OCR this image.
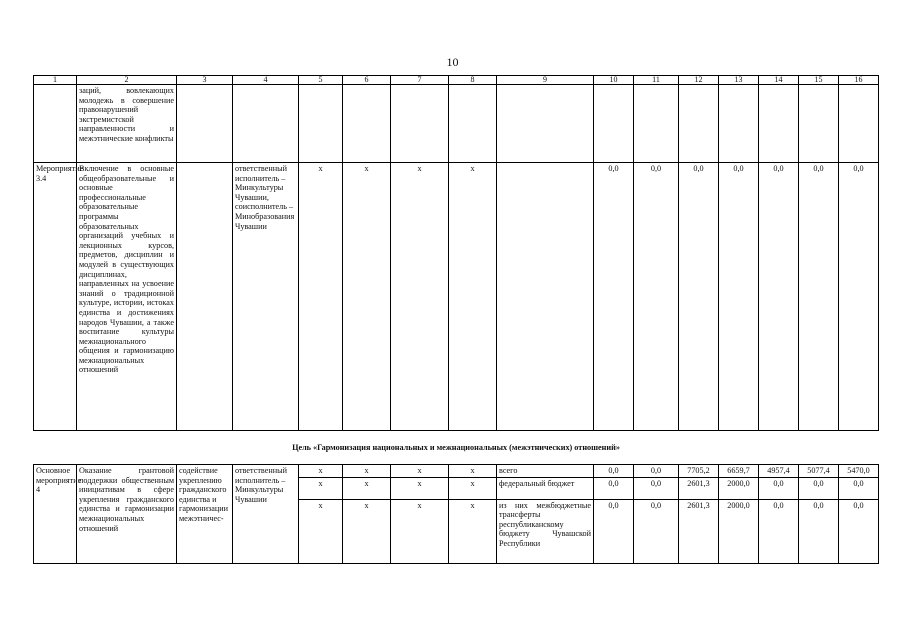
10
1	2	3	4	5	6	7	8	9	10	11	12	13	14	15	16
	заций, вовлекающих молодежь в совершение правонарушений экстремистской направленности и межэтнические конфликты														
Мероприятие 3.4	Включение в основные общеобразовательные и основные профессиональные образовательные программы образовательных организаций учебных и лекционных курсов, предметов, дисциплин и модулей в существующих дисциплинах, направленных на усвоение знаний о традиционной культуре, истории, истоках единства и достижениях народов Чувашии, а также воспитание культуры межнационального общения и гармонизацию межнациональных отношений		ответственный исполнитель – Минкультуры Чувашии, соисполнитель – Минобразования Чувашии	x	x	x	x		0,0	0,0	0,0	0,0	0,0	0,0	0,0
Цель «Гармонизация национальных и межнациональных (межэтнических) отношений»															
Основное мероприятие 4	Оказание грантовой поддержки общественным инициативам в сфере укрепления гражданского единства и гармонизации межнациональных отношений	содействие укреплению гражданского единства и гармонизации межэтничес-	ответственный исполнитель – Минкультуры Чувашии	x	x	x	x	всего	0,0	0,0	7705,2	6659,7	4957,4	5077,4	5470,0
				x	x	x	x	федеральный бюджет	0,0	0,0	2601,3	2000,0	0,0	0,0	0,0
				x	x	x	x	из них межбюджетные трансферты республиканскому бюджету Чувашской Республики	0,0	0,0	2601,3	2000,0	0,0	0,0	0,0
